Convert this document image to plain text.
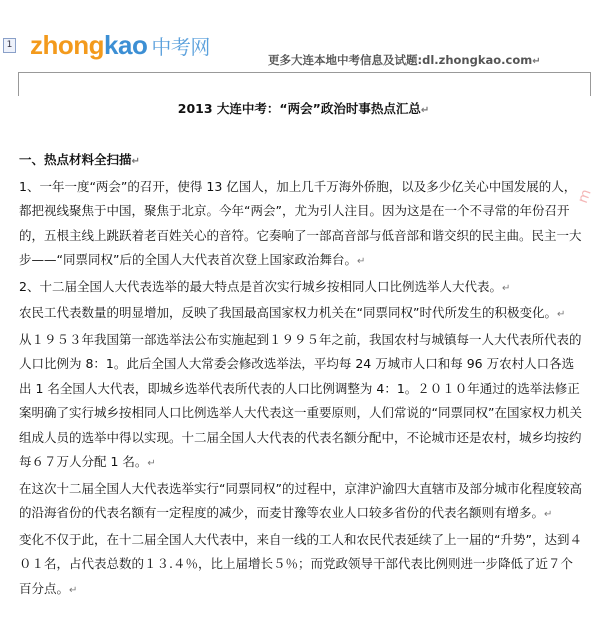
1 zhongkao 中考网
更多大连本地中考信息及试题:dl.zhongkao.com↵
2013 大连中考：“两会”政治时事热点汇总↵
m

一、热点材料全扫描↵

1、一年一度“两会”的召开，使得 13 亿国人，加上几千万海外侨胞，以及多少亿关心中国发展的人，都把视线聚焦于中国，聚焦于北京。今年“两会”，尤为引人注目。因为这是在一个不寻常的年份召开的，五根主线上跳跃着老百姓关心的音符。它奏响了一部高音部与低音部和谐交织的民主曲。民主一大步——“同票同权”后的全国人大代表首次登上国家政治舞台。↵

2、十二届全国人大代表选举的最大特点是首次实行城乡按相同人口比例选举人大代表。↵

农民工代表数量的明显增加，反映了我国最高国家权力机关在“同票同权”时代所发生的积极变化。↵

从１９５３年我国第一部选举法公布实施起到１９９５年之前，我国农村与城镇每一人大代表所代表的人口比例为 8：1。此后全国人大常委会修改选举法，平均每 24 万城市人口和每 96 万农村人口各选出 1 名全国人大代表，即城乡选举代表所代表的人口比例调整为 4：1。２０１０年通过的选举法修正案明确了实行城乡按相同人口比例选举人大代表这一重要原则，人们常说的“同票同权”在国家权力机关组成人员的选举中得以实现。十二届全国人大代表的代表名额分配中，不论城市还是农村，城乡均按约每６７万人分配 1 名。↵

在这次十二届全国人大代表选举实行“同票同权”的过程中，京津沪渝四大直辖市及部分城市化程度较高的沿海省份的代表名额有一定程度的减少，而麦甘豫等农业人口较多省份的代表名额则有增多。↵

变化不仅于此，在十二届全国人大代表中，来自一线的工人和农民代表延续了上一届的“升势”，达到４０１名，占代表总数的１３.４％，比上届增长５％；而党政领导干部代表比例则进一步降低了近７个百分点。↵
